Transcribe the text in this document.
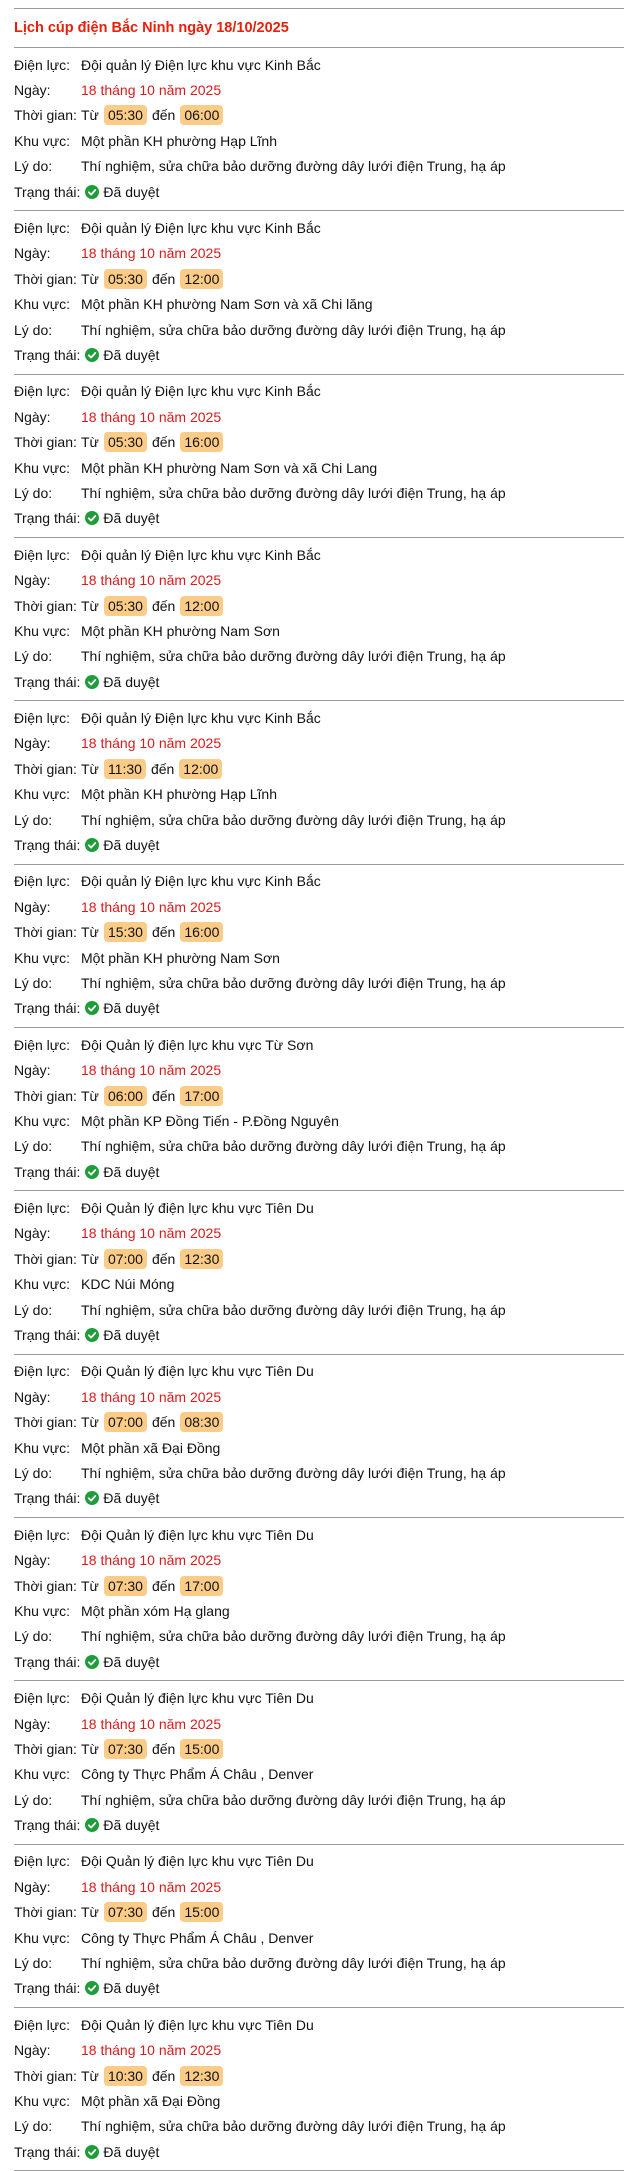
Lịch cúp điện Bắc Ninh ngày 18/10/2025
Điện lực: Đội quản lý Điện lực khu vực Kinh Bắc
Ngày:	18 tháng 10 năm 2025
Thời gian: Từ 05:30 đến 06:00
Khu vực: Một phần KH phường Hạp Lĩnh
Lý do:	Thí nghiệm, sửa chữa bảo dưỡng đường dây lưới điện Trung, hạ áp
Trạng thái: Đã duyệt
Điện lực: Đội quản lý Điện lực khu vực Kinh Bắc
Ngày:	18 tháng 10 năm 2025
Thời gian: Từ 05:30 đến 12:00
Khu vực: Một phần KH phường Nam Sơn và xã Chi lăng
Lý do:	Thí nghiệm, sửa chữa bảo dưỡng đường dây lưới điện Trung, hạ áp
Trạng thái: Đã duyệt
Điện lực: Đội quản lý Điện lực khu vực Kinh Bắc
Ngày:	18 tháng 10 năm 2025
Thời gian: Từ 05:30 đến 16:00
Khu vực: Một phần KH phường Nam Sơn và xã Chi Lang
Lý do:	Thí nghiệm, sửa chữa bảo dưỡng đường dây lưới điện Trung, hạ áp
Trạng thái: Đã duyệt
Điện lực: Đội quản lý Điện lực khu vực Kinh Bắc
Ngày:	18 tháng 10 năm 2025
Thời gian: Từ 05:30 đến 12:00
Khu vực: Một phần KH phường Nam Sơn
Lý do:	Thí nghiệm, sửa chữa bảo dưỡng đường dây lưới điện Trung, hạ áp
Trạng thái: Đã duyệt
Điện lực: Đội quản lý Điện lực khu vực Kinh Bắc
Ngày:	18 tháng 10 năm 2025
Thời gian: Từ 11:30 đến 12:00
Khu vực: Một phần KH phường Hạp Lĩnh
Lý do:	Thí nghiệm, sửa chữa bảo dưỡng đường dây lưới điện Trung, hạ áp
Trạng thái: Đã duyệt
Điện lực: Đội quản lý Điện lực khu vực Kinh Bắc
Ngày:	18 tháng 10 năm 2025
Thời gian: Từ 15:30 đến 16:00
Khu vực: Một phần KH phường Nam Sơn
Lý do:	Thí nghiệm, sửa chữa bảo dưỡng đường dây lưới điện Trung, hạ áp
Trạng thái: Đã duyệt
Điện lực: Đội Quản lý điện lực khu vực Từ Sơn
Ngày:	18 tháng 10 năm 2025
Thời gian: Từ 06:00 đến 17:00
Khu vực: Một phần KP Đồng Tiến - P.Đồng Nguyên
Lý do:	Thí nghiệm, sửa chữa bảo dưỡng đường dây lưới điện Trung, hạ áp
Trạng thái: Đã duyệt
Điện lực: Đội Quản lý điện lực khu vực Tiên Du
Ngày:	18 tháng 10 năm 2025
Thời gian: Từ 07:00 đến 12:30
Khu vực: KDC Núi Móng
Lý do:	Thí nghiệm, sửa chữa bảo dưỡng đường dây lưới điện Trung, hạ áp
Trạng thái: Đã duyệt
Điện lực: Đội Quản lý điện lực khu vực Tiên Du
Ngày:	18 tháng 10 năm 2025
Thời gian: Từ 07:00 đến 08:30
Khu vực: Một phần xã Đại Đồng
Lý do:	Thí nghiệm, sửa chữa bảo dưỡng đường dây lưới điện Trung, hạ áp
Trạng thái: Đã duyệt
Điện lực: Đội Quản lý điện lực khu vực Tiên Du
Ngày:	18 tháng 10 năm 2025
Thời gian: Từ 07:30 đến 17:00
Khu vực: Một phần xóm Hạ glang
Lý do:	Thí nghiệm, sửa chữa bảo dưỡng đường dây lưới điện Trung, hạ áp
Trạng thái: Đã duyệt
Điện lực: Đội Quản lý điện lực khu vực Tiên Du
Ngày:	18 tháng 10 năm 2025
Thời gian: Từ 07:30 đến 15:00
Khu vực: Công ty Thực Phẩm Á Châu , Denver
Lý do:	Thí nghiệm, sửa chữa bảo dưỡng đường dây lưới điện Trung, hạ áp
Trạng thái: Đã duyệt
Điện lực: Đội Quản lý điện lực khu vực Tiên Du
Ngày:	18 tháng 10 năm 2025
Thời gian: Từ 07:30 đến 15:00
Khu vực: Công ty Thực Phẩm Á Châu , Denver
Lý do:	Thí nghiệm, sửa chữa bảo dưỡng đường dây lưới điện Trung, hạ áp
Trạng thái: Đã duyệt
Điện lực: Đội Quản lý điện lực khu vực Tiên Du
Ngày:	18 tháng 10 năm 2025
Thời gian: Từ 10:30 đến 12:30
Khu vực: Một phần xã Đại Đồng
Lý do:	Thí nghiệm, sửa chữa bảo dưỡng đường dây lưới điện Trung, hạ áp
Trạng thái: Đã duyệt
